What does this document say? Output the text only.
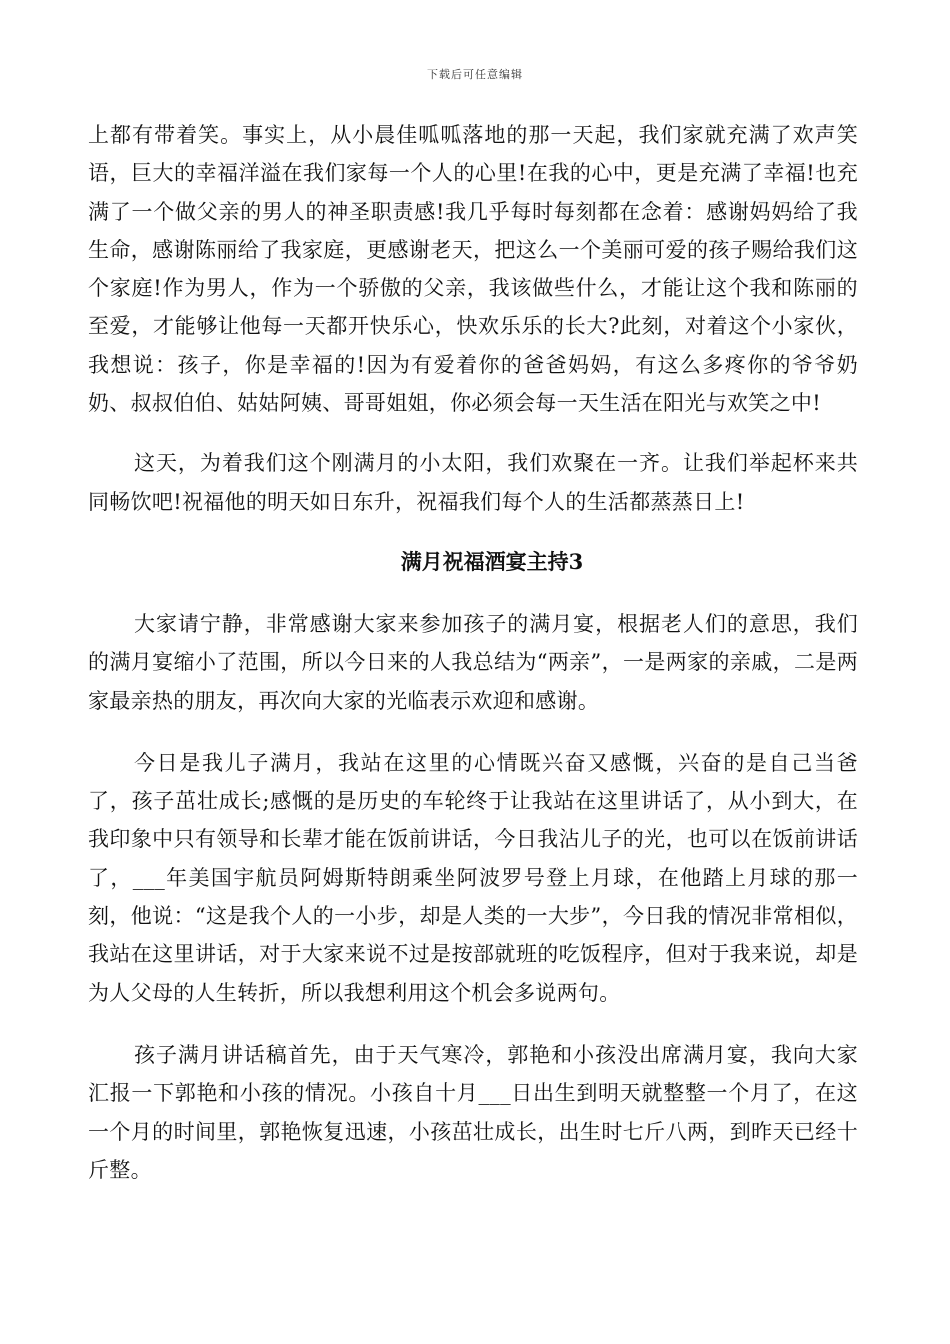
下载后可任意编辑

上都有带着笑。事实上，从小晨佳呱呱落地的那一天起，我们家就充满了欢声笑语，巨大的幸福洋溢在我们家每一个人的心里!在我的心中，更是充满了幸福!也充满了一个做父亲的男人的神圣职责感!我几乎每时每刻都在念着：感谢妈妈给了我生命，感谢陈丽给了我家庭，更感谢老天，把这么一个美丽可爱的孩子赐给我们这个家庭!作为男人，作为一个骄傲的父亲，我该做些什么，才能让这个我和陈丽的至爱，才能够让他每一天都开快乐心，快欢乐乐的长大?此刻，对着这个小家伙，我想说：孩子，你是幸福的!因为有爱着你的爸爸妈妈，有这么多疼你的爷爷奶奶、叔叔伯伯、姑姑阿姨、哥哥姐姐，你必须会每一天生活在阳光与欢笑之中!

这天，为着我们这个刚满月的小太阳，我们欢聚在一齐。让我们举起杯来共同畅饮吧!祝福他的明天如日东升，祝福我们每个人的生活都蒸蒸日上!

满月祝福酒宴主持3

大家请宁静，非常感谢大家来参加孩子的满月宴，根据老人们的意思，我们的满月宴缩小了范围，所以今日来的人我总结为“两亲”，一是两家的亲戚，二是两家最亲热的朋友，再次向大家的光临表示欢迎和感谢。

今日是我儿子满月，我站在这里的心情既兴奋又感慨，兴奋的是自己当爸了，孩子茁壮成长;感慨的是历史的车轮终于让我站在这里讲话了，从小到大，在我印象中只有领导和长辈才能在饭前讲话，今日我沾儿子的光，也可以在饭前讲话了，___年美国宇航员阿姆斯特朗乘坐阿波罗号登上月球，在他踏上月球的那一刻，他说：“这是我个人的一小步，却是人类的一大步”，今日我的情况非常相似，我站在这里讲话，对于大家来说不过是按部就班的吃饭程序，但对于我来说，却是为人父母的人生转折，所以我想利用这个机会多说两句。

孩子满月讲话稿首先，由于天气寒冷，郭艳和小孩没出席满月宴，我向大家汇报一下郭艳和小孩的情况。小孩自十月___日出生到明天就整整一个月了，在这一个月的时间里，郭艳恢复迅速，小孩茁壮成长，出生时七斤八两，到昨天已经十斤整。
